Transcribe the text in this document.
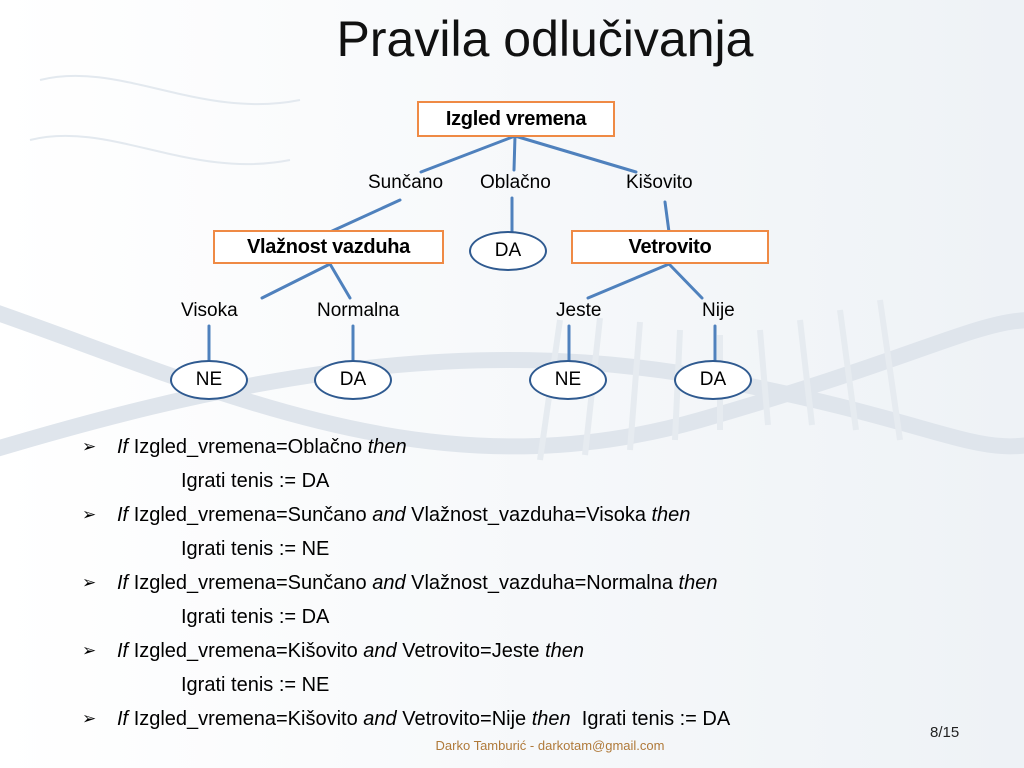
Pravila odlučivanja
Izgled vremena
Sunčano Oblačno	Kišovito
Vlažnost vazduha	DA	Vetrovito
Visoka	Normalna	Jeste	Nije
NE	DA	NE	DA
➢ If Izgled_vremena=Oblačno then
Igrati tenis := DA
➢ If Izgled_vremena=Sunčano and Vlažnost_vazduha=Visoka then
Igrati tenis := NE
➢ If Izgled_vremena=Sunčano and Vlažnost_vazduha=Normalna then
Igrati tenis := DA
➢ If Izgled_vremena=Kišovito and Vetrovito=Jeste then
Igrati tenis := NE
➢ If Izgled_vremena=Kišovito and Vetrovito=Nije then Igrati tenis := DA
8/15
Darko Tamburić - darkotam@gmail.com
